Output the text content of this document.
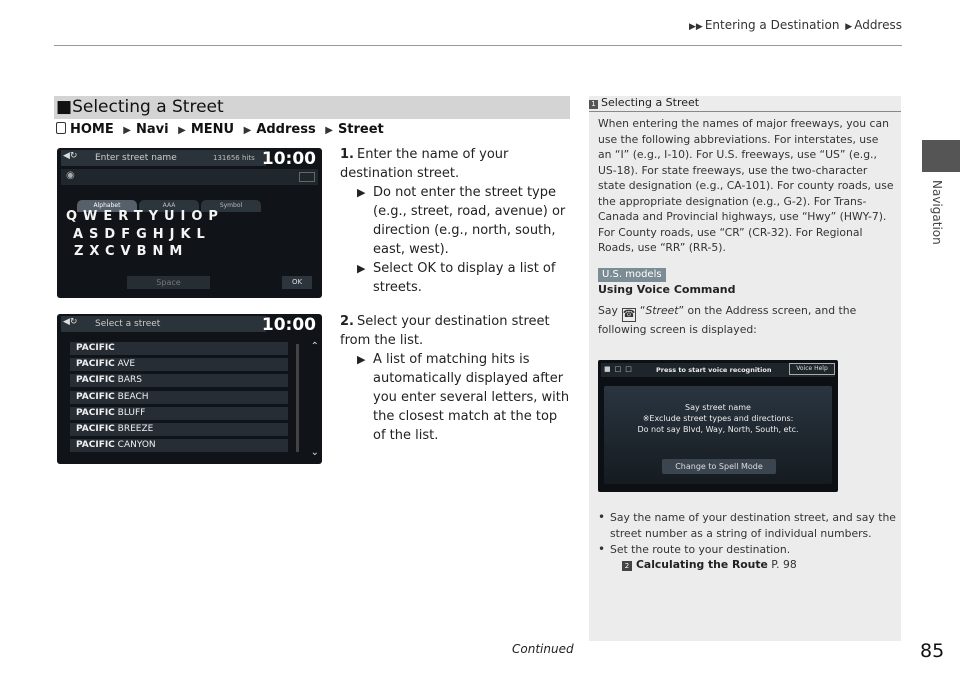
▶▶ Entering a Destination ▶ Address
Navigation
■Selecting a Street
HOME ▶ Navi ▶ MENU ▶ Address ▶ Street
◀↻ Enter street name	131656 hits 10:00
◉
Alphabet	AAA	Symbol
QWERTYUIOP
ASDFGHJKL
ZXCVBNM
Space	OK
◀↻ Select a street	10:00
PACIFIC
PACIFIC AVE
PACIFIC BARS
PACIFIC BEACH
PACIFIC BLUFF
PACIFIC BREEZE
PACIFIC CANYON
⌃
⌄
1. Enter the name of your destination street.
▶ Do not enter the street type (e.g., street, road, avenue) or direction (e.g., north, south, east, west).
▶ Select OK to display a list of streets.
2. Select your destination street from the list.
▶ A list of matching hits is automatically displayed after you enter several letters, with the closest match at the top of the list.
1 Selecting a Street
When entering the names of major freeways, you can use the following abbreviations. For interstates, use an “I” (e.g., I-10). For U.S. freeways, use “US” (e.g., US-18). For state freeways, use the two-character state designation (e.g., CA-101). For county roads, use the appropriate designation (e.g., G-2). For Trans-Canada and Provincial highways, use “Hwy” (HWY-7). For County roads, use “CR” (CR-32). For Regional Roads, use “RR” (RR-5).
U.S. models
Using Voice Command
Say ☎ “Street” on the Address screen, and the following screen is displayed:
■□□	Press to start voice recognition	Voice Help
Say street name
※Exclude street types and directions:
Do not say Blvd, Way, North, South, etc.
Change to Spell Mode
• Say the name of your destination street, and say the street number as a string of individual numbers.
• Set the route to your destination.
2 Calculating the Route P. 98
Continued	85
